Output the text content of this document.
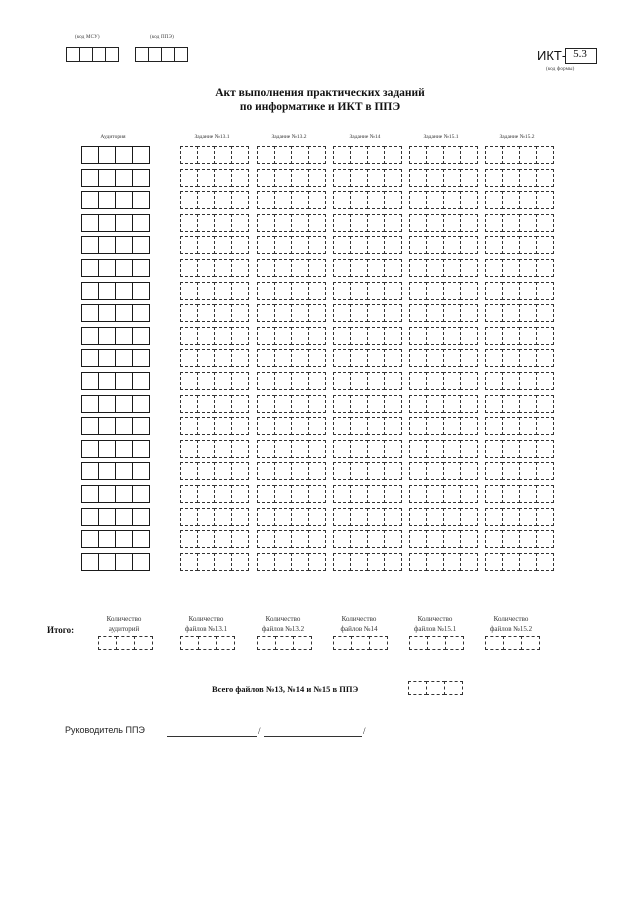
(код МСУ)	(код ППЭ)
ИКТ- 5.3
(код формы)
Акт выполнения практических заданий
по информатике и ИКТ в ППЭ
Аудитория	Задание №13.1	Задание №13.2	Задание №14	Задание №15.1	Задание №15.2
Итого:
Количество
аудиторий
Количество
файлов №13.1
Количество
файлов №13.2
Количество
файлов №14
Количество
файлов №15.1
Количество
файлов №15.2
Всего файлов №13, №14 и №15 в ППЭ
Руководитель ППЭ	/	/
